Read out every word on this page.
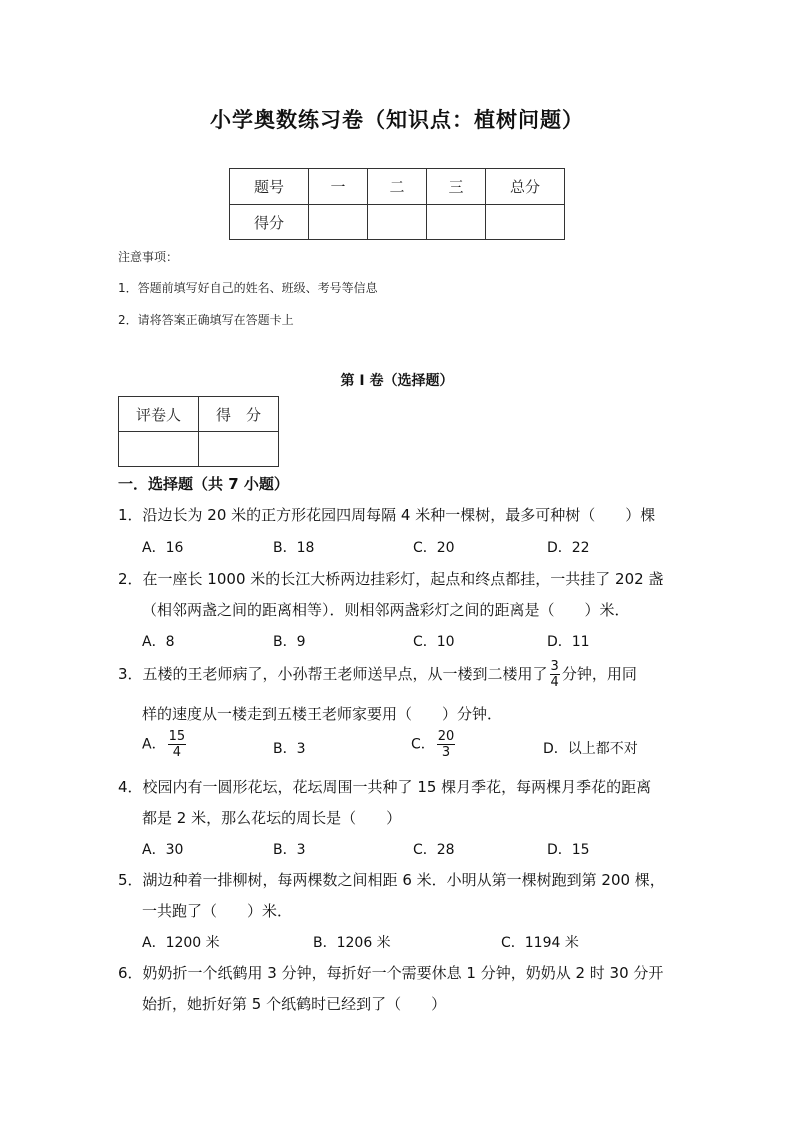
小学奥数练习卷（知识点：植树问题）
题号	一	二	三	总分
得分				
注意事项：
1．答题前填写好自己的姓名、班级、考号等信息
2．请将答案正确填写在答题卡上
第 I 卷（选择题）
评卷人	得　分

一．选择题（共 7 小题）
1．沿边长为 20 米的正方形花园四周每隔 4 米种一棵树，最多可种树（　　）棵
A．16	B．18	C．20	D．22
2．在一座长 1000 米的长江大桥两边挂彩灯，起点和终点都挂，一共挂了 202 盏
（相邻两盏之间的距离相等）．则相邻两盏彩灯之间的距离是（　　）米．
A．8	B．9	C．10	D．11
3．五楼的王老师病了，小孙帮王老师送早点，从一楼到二楼用了 $\frac{3}{4}$ 分钟，用同
样的速度从一楼走到五楼王老师家要用（　　）分钟．
A． $\frac{15}{4}$	B．3	C． $\frac{20}{3}$	D．以上都不对
4．校园内有一圆形花坛，花坛周围一共种了 15 棵月季花，每两棵月季花的距离
都是 2 米，那么花坛的周长是（　　）
A．30	B．3	C．28	D．15
5．湖边种着一排柳树，每两棵数之间相距 6 米．小明从第一棵树跑到第 200 棵，
一共跑了（　　）米．
A．1200 米	B．1206 米	C．1194 米
6．奶奶折一个纸鹤用 3 分钟，每折好一个需要休息 1 分钟，奶奶从 2 时 30 分开
始折，她折好第 5 个纸鹤时已经到了（　　）
